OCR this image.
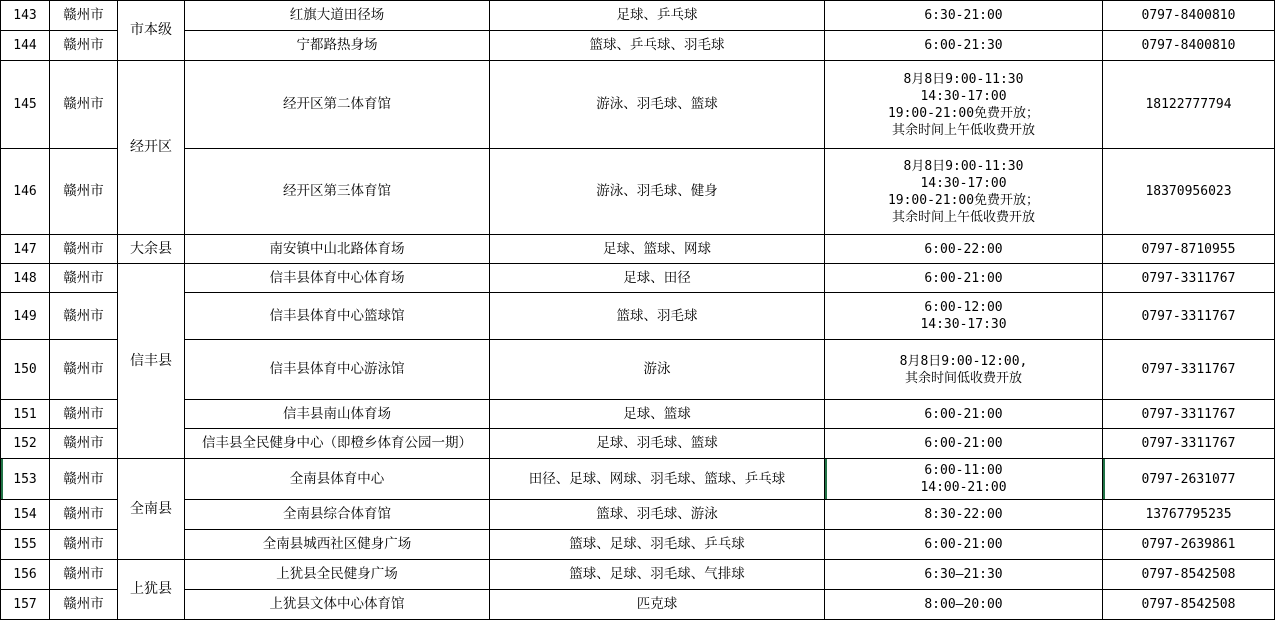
143	赣州市	市本级	红旗大道田径场	足球、乒乓球	6:30-21:00	0797-8400810
144	赣州市		宁都路热身场	篮球、乒乓球、羽毛球	6:00-21:30	0797-8400810
145	赣州市	经开区	经开区第二体育馆	游泳、羽毛球、篮球	8月8日9:00-11:30
14:30-17:00
19:00-21:00免费开放；
其余时间上午低收费开放	18122777794
146	赣州市		经开区第三体育馆	游泳、羽毛球、健身	8月8日9:00-11:30
14:30-17:00
19:00-21:00免费开放；
其余时间上午低收费开放	18370956023
147	赣州市	大余县	南安镇中山北路体育场	足球、篮球、网球	6:00-22:00	0797-8710955
148	赣州市	信丰县	信丰县体育中心体育场	足球、田径	6:00-21:00	0797-3311767
149	赣州市		信丰县体育中心篮球馆	篮球、羽毛球	6:00-12:00
14:30-17:30	0797-3311767
150	赣州市		信丰县体育中心游泳馆	游泳	8月8日9:00-12:00,
其余时间低收费开放	0797-3311767
151	赣州市		信丰县南山体育场	足球、篮球	6:00-21:00	0797-3311767
152	赣州市		信丰县全民健身中心（即橙乡体育公园一期）	足球、羽毛球、篮球	6:00-21:00	0797-3311767
153	赣州市	全南县	全南县体育中心	田径、足球、网球、羽毛球、篮球、乒乓球	6:00-11:00
14:00-21:00	0797-2631077
154	赣州市		全南县综合体育馆	篮球、羽毛球、游泳	8:30-22:00	13767795235
155	赣州市		全南县城西社区健身广场	篮球、足球、羽毛球、乒乓球	6:00-21:00	0797-2639861
156	赣州市	上犹县	上犹县全民健身广场	篮球、足球、羽毛球、气排球	6:30—21:30	0797-8542508
157	赣州市		上犹县文体中心体育馆	匹克球	8:00—20:00	0797-8542508
